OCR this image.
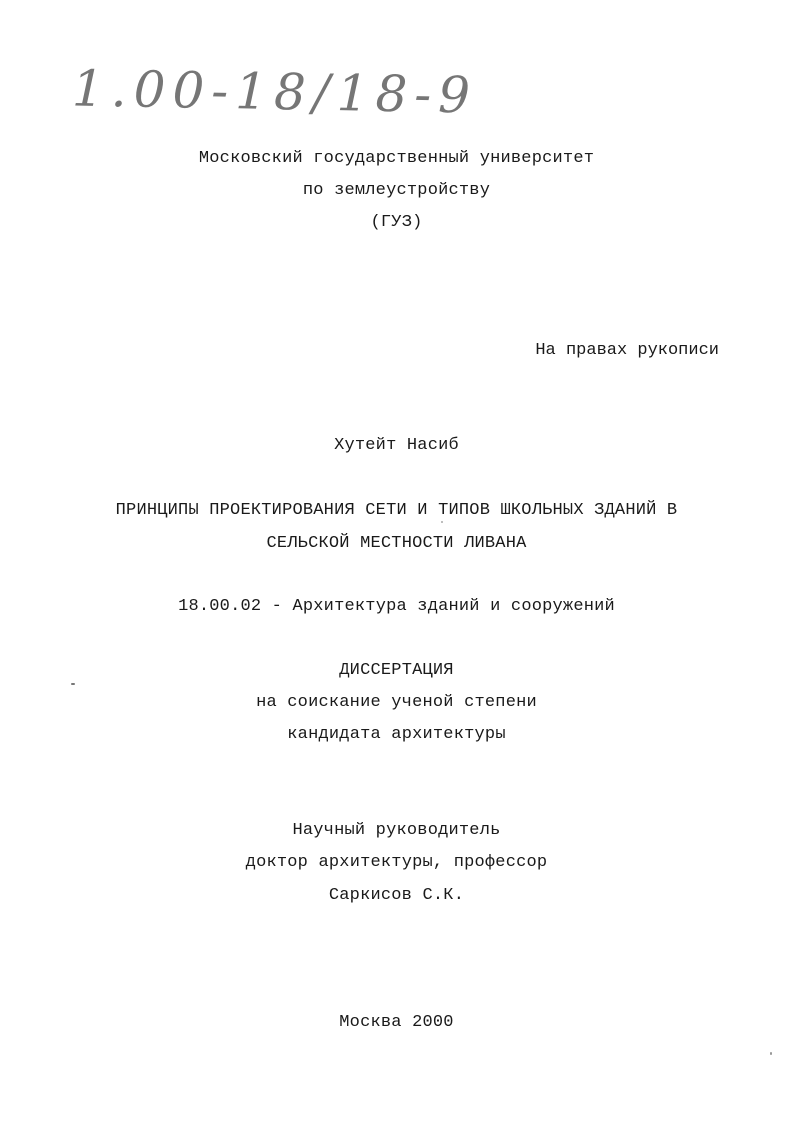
1.00-18/18-9
Московский государственный университет
по землеустройству
(ГУЗ)
На правах рукописи
Хутейт Насиб
ПРИНЦИПЫ ПРОЕКТИРОВАНИЯ СЕТИ И ТИПОВ ШКОЛЬНЫХ ЗДАНИЙ В
СЕЛЬСКОЙ МЕСТНОСТИ ЛИВАНА
18.00.02 - Архитектура зданий и сооружений
ДИССЕРТАЦИЯ
на соискание ученой степени
кандидата архитектуры
Научный руководитель
доктор архитектуры, профессор
Саркисов С.К.
Москва 2000
